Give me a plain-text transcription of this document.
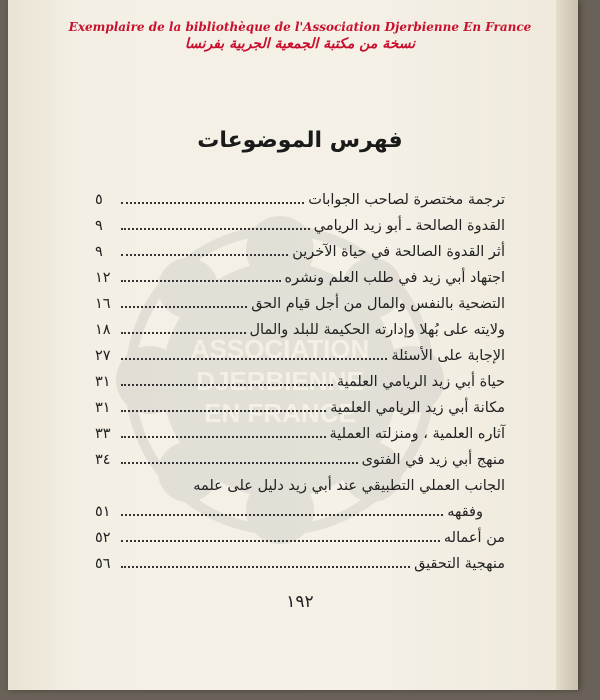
Exemplaire de la bibliothèque de l'Association Djerbienne En France
نسخة من مكتبة الجمعية الجربية بفرنسا
ASSOCIATION
DJERBIENNE
EN FRANCE
فهرس الموضوعات
ترجمة مختصرة لصاحب الجوابات
٥
القدوة الصالحة ـ أبو زيد الريامي
٩
أثر القدوة الصالحة في حياة الآخرين
٩
اجتهاد أبي زيد في طلب العلم ونشره
١٢
التضحية بالنفس والمال من أجل قيام الحق
١٦
ولايته على بُهلا وإدارته الحكيمة للبلد والمال
١٨
الإجابة على الأسئلة
٢٧
حياة أبي زيد الريامي العلمية
٣١
مكانة أبي زيد الريامي العلمية
٣١
آثاره العلمية ، ومنزلته العملية
٣٣
منهج أبي زيد في الفتوى
٣٤
الجانب العملي التطبيقي عند أبي زيد دليل على علمه
وفقهه
٥١
من أعماله
٥٢
منهجية التحقيق
٥٦
١٩٢
